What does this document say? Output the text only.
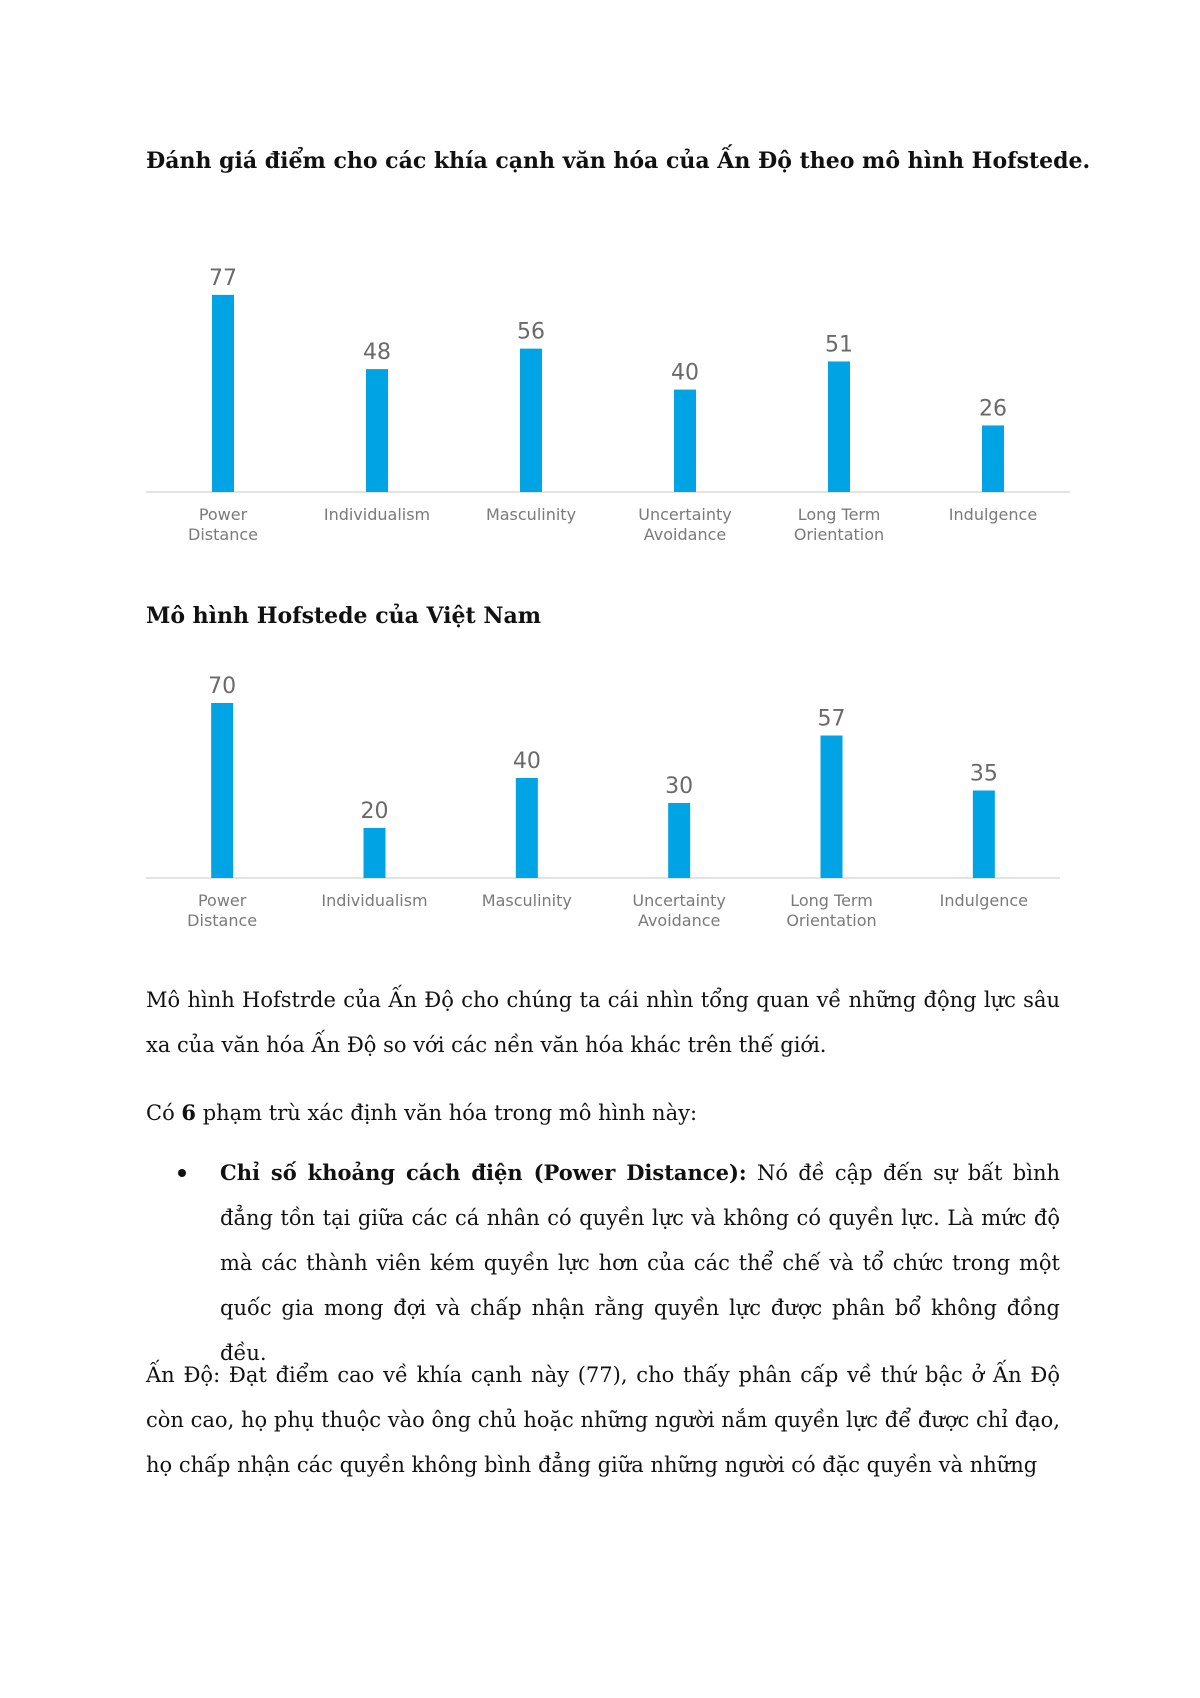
Đánh giá điểm cho các khía cạnh văn hóa của Ấn Độ theo mô hình Hofstede.

77
Power
Distance
48
Individualism
56
Masculinity
40
Uncertainty
Avoidance
51
Long Term
Orientation
26
Indulgence

Mô hình Hofstede của Việt Nam

70
Power
Distance
20
Individualism
40
Masculinity
30
Uncertainty
Avoidance
57
Long Term
Orientation
35
Indulgence

Mô hình Hofstrde của Ấn Độ cho chúng ta cái nhìn tổng quan về những động lực sâu xa của văn hóa Ấn Độ so với các nền văn hóa khác trên thế giới.

Có 6 phạm trù xác định văn hóa trong mô hình này:

Chỉ số khoảng cách điện (Power Distance): Nó đề cập đến sự bất bình đẳng tồn tại giữa các cá nhân có quyền lực và không có quyền lực. Là mức độ mà các thành viên kém quyền lực hơn của các thể chế và tổ chức trong một quốc gia mong đợi và chấp nhận rằng quyền lực được phân bổ không đồng đều.

Ấn Độ: Đạt điểm cao về khía cạnh này (77), cho thấy phân cấp về thứ bậc ở Ấn Độ còn cao, họ phụ thuộc vào ông chủ hoặc những người nắm quyền lực để được chỉ đạo, họ chấp nhận các quyền không bình đẳng giữa những người có đặc quyền và những
